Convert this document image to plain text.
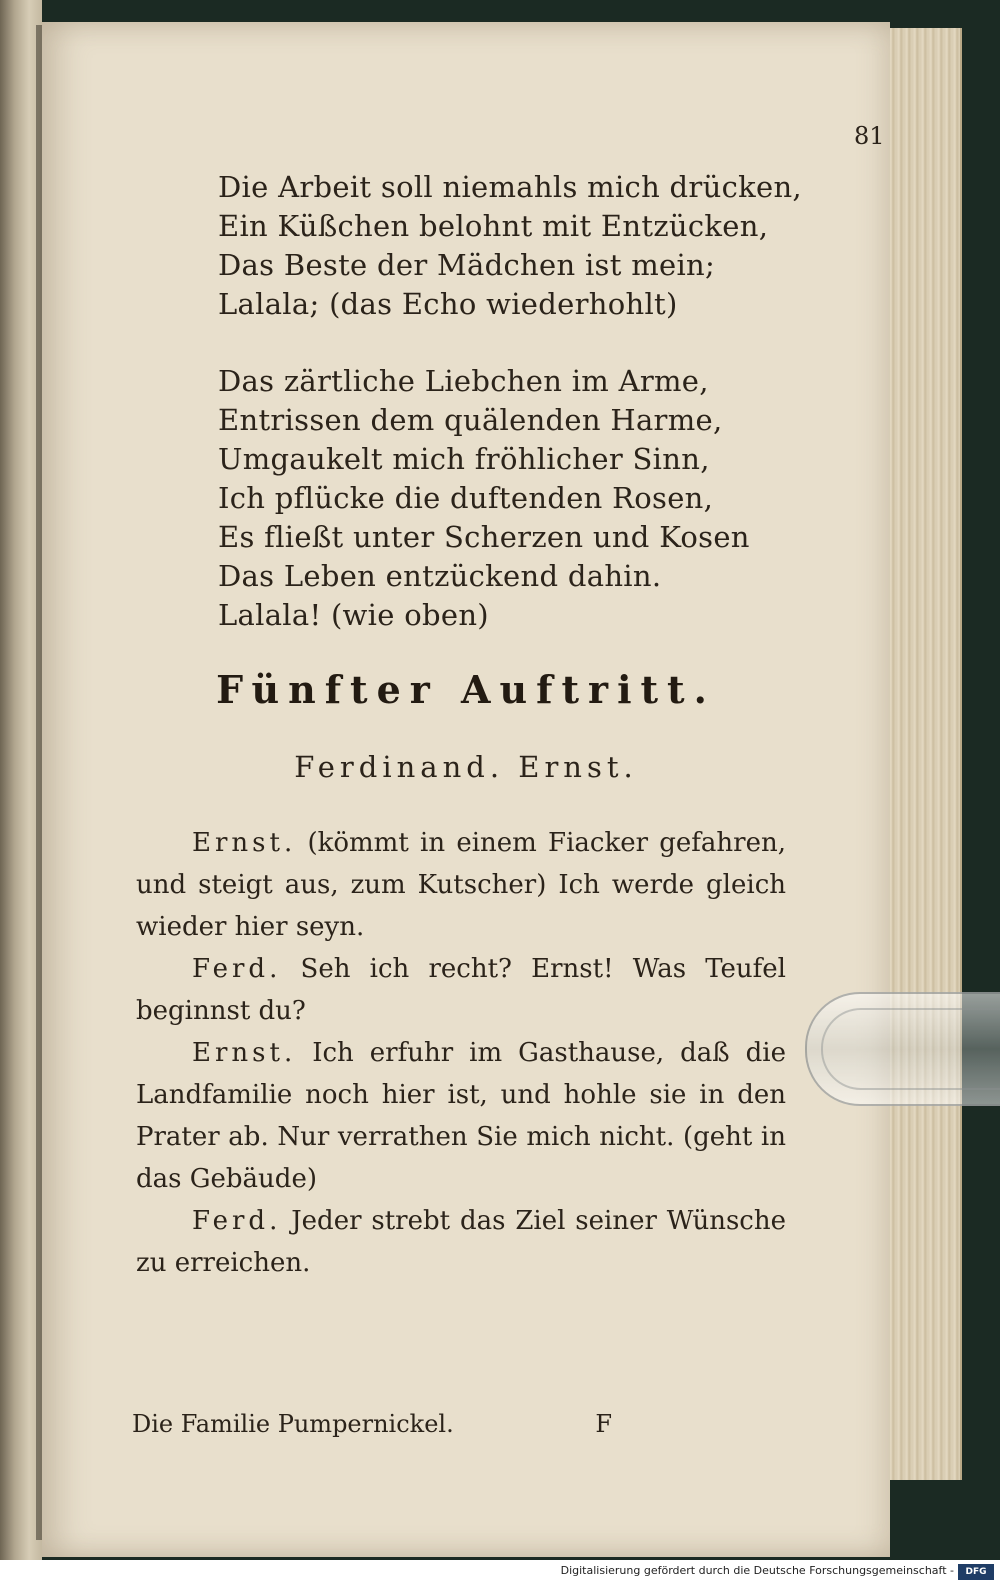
81
Die Arbeit soll niemahls mich drücken,
Ein Küßchen belohnt mit Entzücken,
Das Beste der Mädchen ist mein;
Lalala; (das Echo wiederhohlt)
Das zärtliche Liebchen im Arme,
Entrissen dem quälenden Harme,
Umgaukelt mich fröhlicher Sinn,
Ich pflücke die duftenden Rosen,
Es fließt unter Scherzen und Kosen
Das Leben entzückend dahin.
Lalala! (wie oben)
Fünfter Auftritt.
Ferdinand. Ernst.

Ernst. (kömmt in einem Fiacker gefahren, und steigt aus, zum Kutscher) Ich werde gleich wieder hier seyn.

Ferd. Seh ich recht? Ernst! Was Teufel beginnst du?

Ernst. Ich erfuhr im Gasthause, daß die Landfamilie noch hier ist, und hohle sie in den Prater ab. Nur verrathen Sie mich nicht. (geht in das Gebäude)

Ferd. Jeder strebt das Ziel seiner Wünsche zu erreichen.

Die Familie Pumpernickel.	F
Digitalisierung gefördert durch die Deutsche Forschungsgemeinschaft -	DFG
